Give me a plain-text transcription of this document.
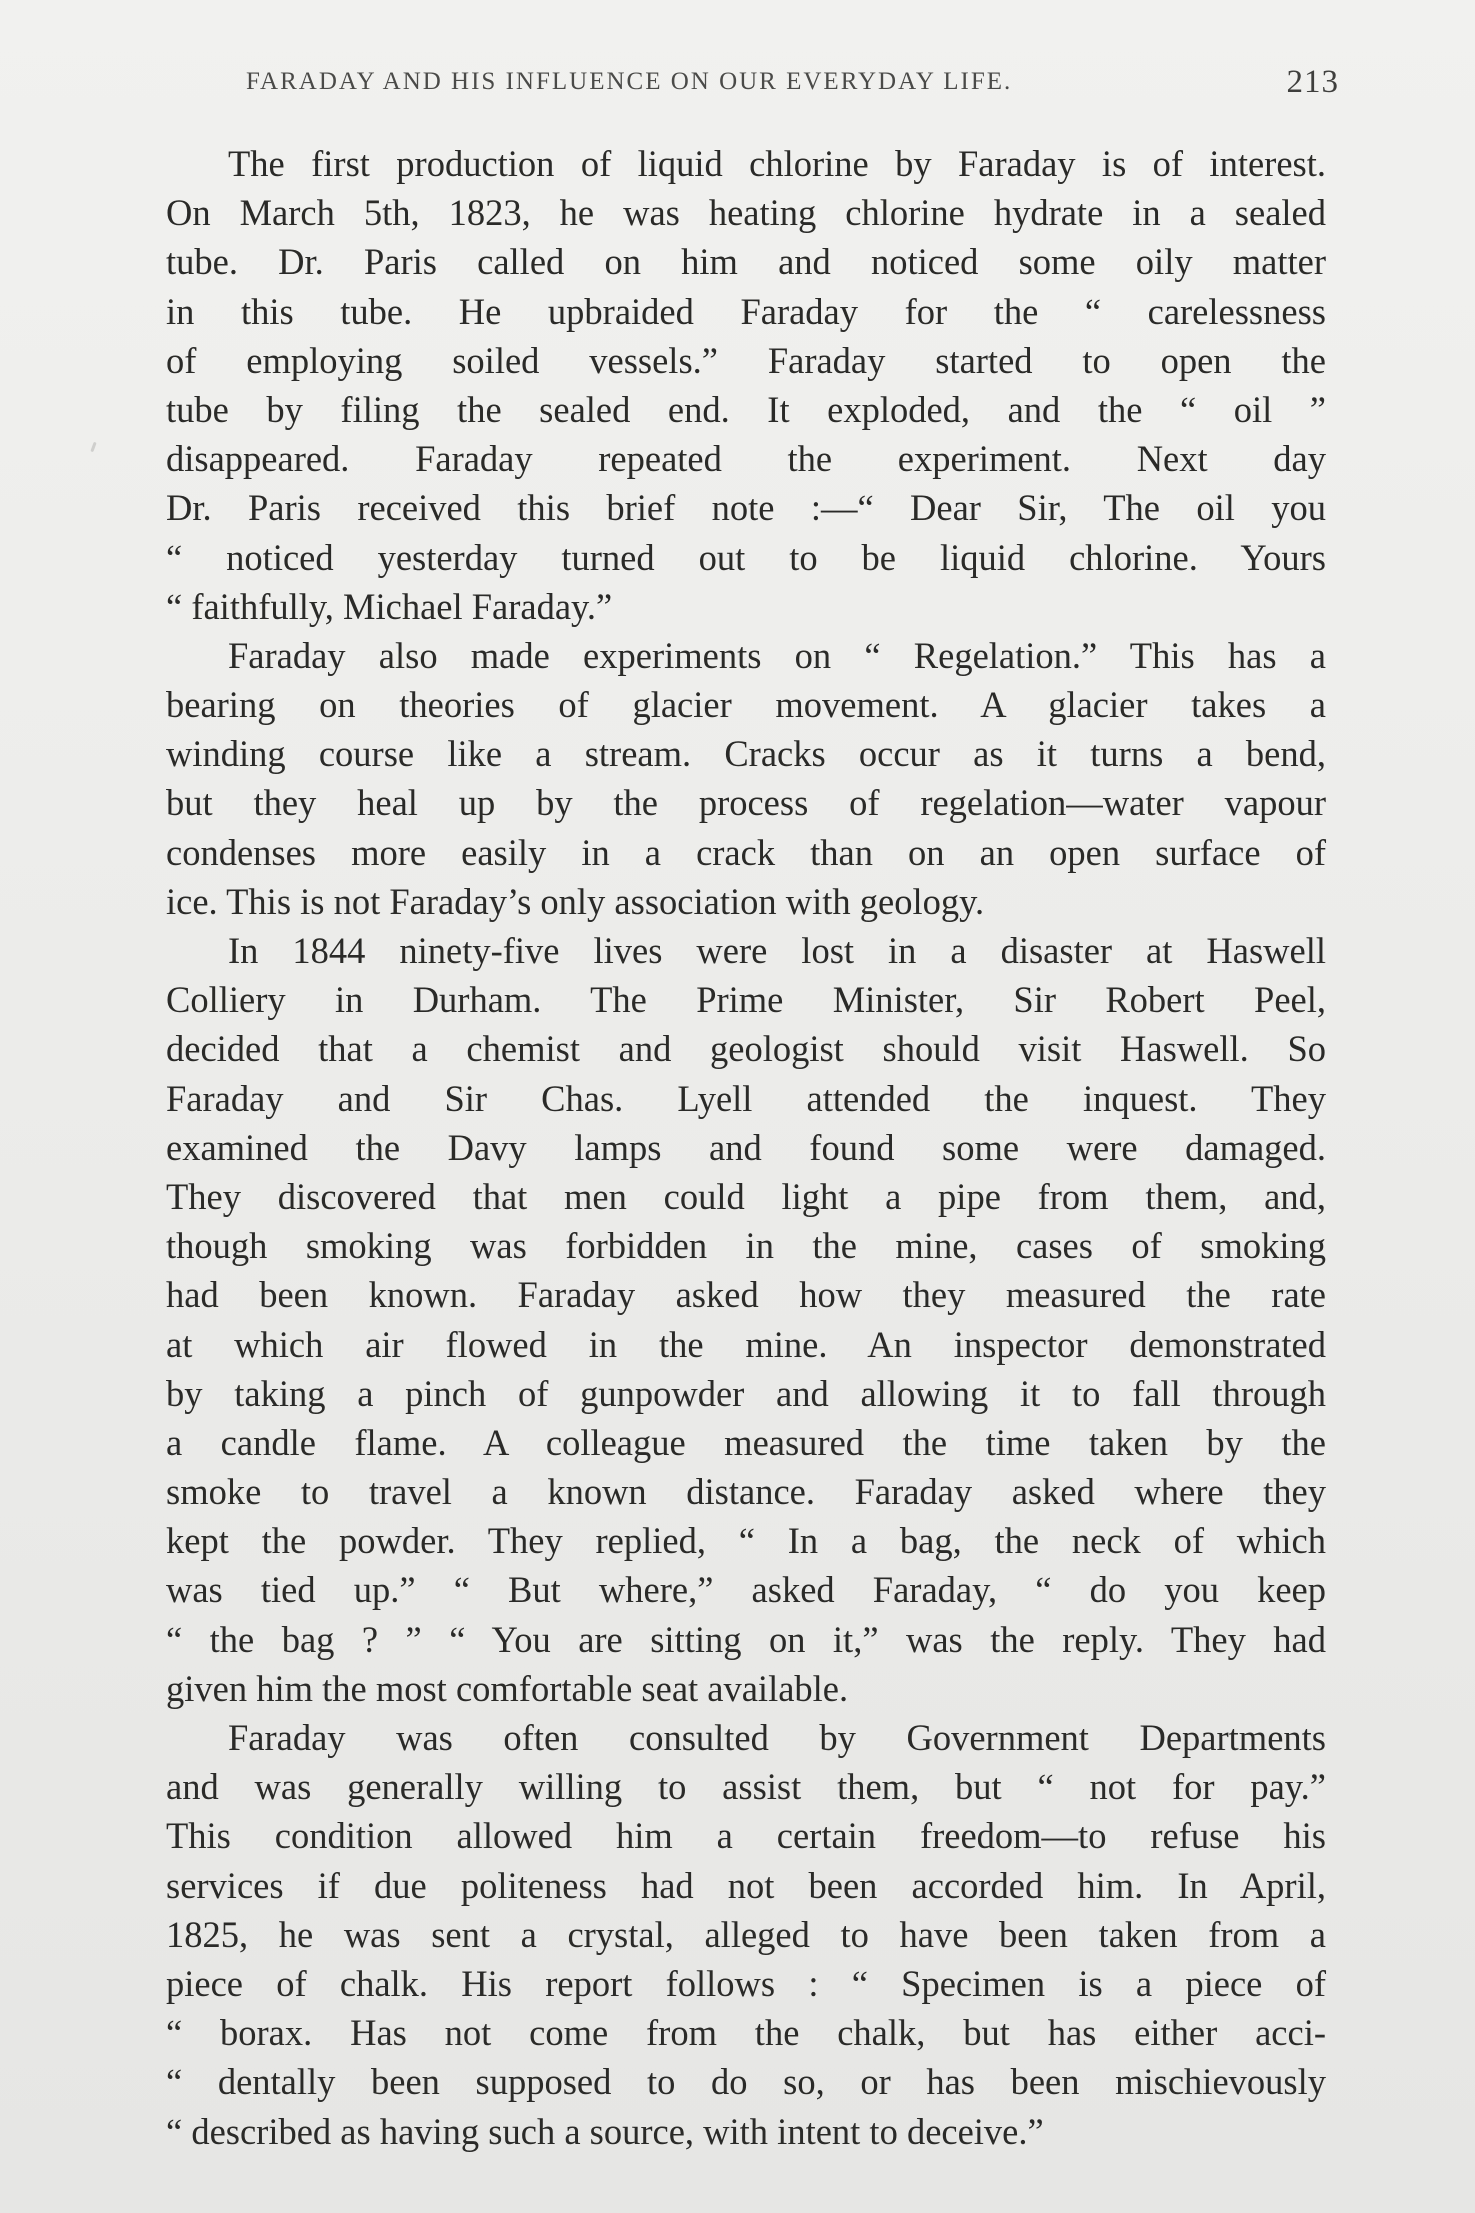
FARADAY AND HIS INFLUENCE ON OUR EVERYDAY LIFE.	213
The first production of liquid chlorine by Faraday is of interest.
On March 5th, 1823, he was heating chlorine hydrate in a sealed
tube. Dr. Paris called on him and noticed some oily matter
in this tube. He upbraided Faraday for the “ carelessness
of employing soiled vessels.” Faraday started to open the
tube by filing the sealed end. It exploded, and the “ oil ”
disappeared. Faraday repeated the experiment. Next day
Dr. Paris received this brief note :—“ Dear Sir, The oil you
“ noticed yesterday turned out to be liquid chlorine. Yours
“ faithfully, Michael Faraday.”
Faraday also made experiments on “ Regelation.” This has a
bearing on theories of glacier movement. A glacier takes a
winding course like a stream. Cracks occur as it turns a bend,
but they heal up by the process of regelation—water vapour
condenses more easily in a crack than on an open surface of
ice. This is not Faraday’s only association with geology.
In 1844 ninety-five lives were lost in a disaster at Haswell
Colliery in Durham. The Prime Minister, Sir Robert Peel,
decided that a chemist and geologist should visit Haswell. So
Faraday and Sir Chas. Lyell attended the inquest. They
examined the Davy lamps and found some were damaged.
They discovered that men could light a pipe from them, and,
though smoking was forbidden in the mine, cases of smoking
had been known. Faraday asked how they measured the rate
at which air flowed in the mine. An inspector demonstrated
by taking a pinch of gunpowder and allowing it to fall through
a candle flame. A colleague measured the time taken by the
smoke to travel a known distance. Faraday asked where they
kept the powder. They replied, “ In a bag, the neck of which
was tied up.” “ But where,” asked Faraday, “ do you keep
“ the bag ? ” “ You are sitting on it,” was the reply. They had
given him the most comfortable seat available.
Faraday was often consulted by Government Departments
and was generally willing to assist them, but “ not for pay.”
This condition allowed him a certain freedom—to refuse his
services if due politeness had not been accorded him. In April,
1825, he was sent a crystal, alleged to have been taken from a
piece of chalk. His report follows : “ Specimen is a piece of
“ borax. Has not come from the chalk, but has either acci-
“ dentally been supposed to do so, or has been mischievously
“ described as having such a source, with intent to deceive.”
